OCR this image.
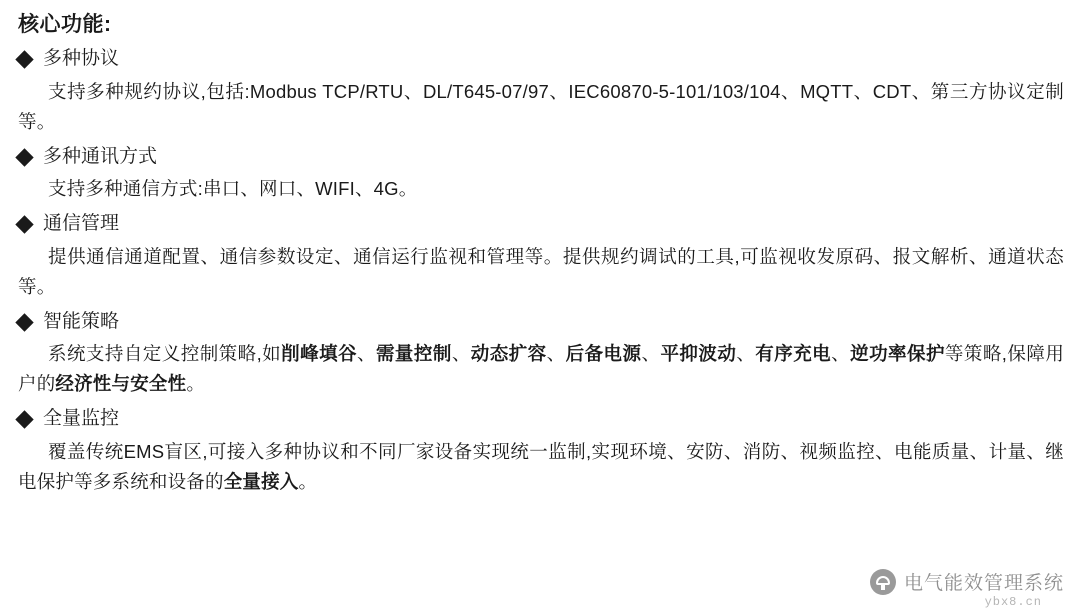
核心功能:
多种协议
支持多种规约协议,包括:Modbus TCP/RTU、DL/T645-07/97、IEC60870-5-101/103/104、MQTT、CDT、第三方协议定制等。
多种通讯方式
支持多种通信方式:串口、网口、WIFI、4G。
通信管理
提供通信通道配置、通信参数设定、通信运行监视和管理等。提供规约调试的工具,可监视收发原码、报文解析、通道状态等。
智能策略
系统支持自定义控制策略,如削峰填谷、需量控制、动态扩容、后备电源、平抑波动、有序充电、逆功率保护等策略,保障用户的经济性与安全性。
全量监控
覆盖传统EMS盲区,可接入多种协议和不同厂家设备实现统一监制,实现环境、安防、消防、视频监控、电能质量、计量、继电保护等多系统和设备的全量接入。
电气能效管理系统
ybx8.cn
